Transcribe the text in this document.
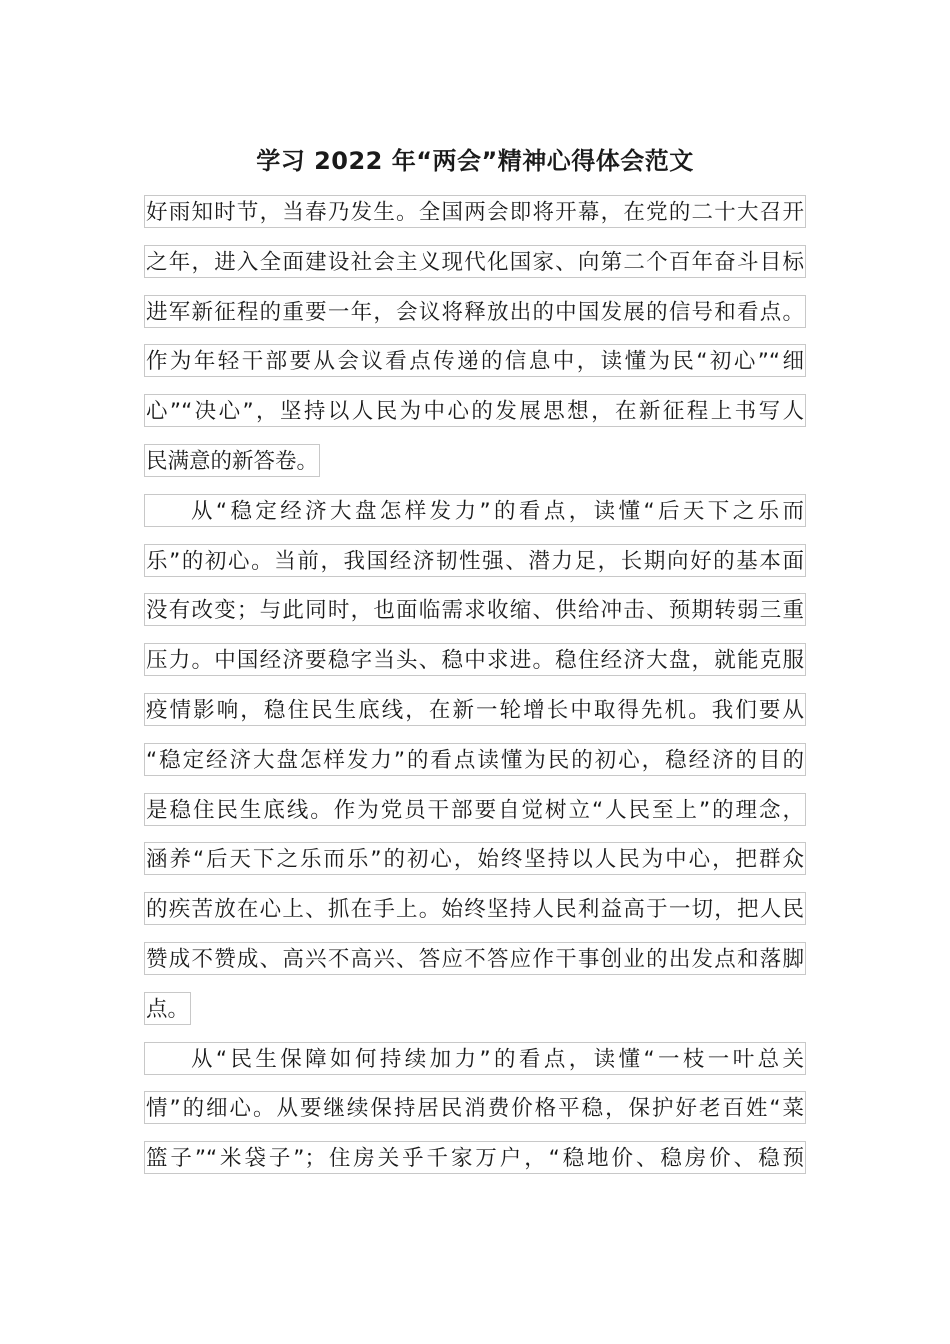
学习 2022 年“两会”精神心得体会范文
好雨知时节，当春乃发生。全国两会即将开幕，在党的二十大召开
之年，进入全面建设社会主义现代化国家、向第二个百年奋斗目标
进军新征程的重要一年，会议将释放出的中国发展的信号和看点。
作为年轻干部要从会议看点传递的信息中，读懂为民“初心”“细
心”“决心”，坚持以人民为中心的发展思想，在新征程上书写人
民满意的新答卷。
从“稳定经济大盘怎样发力”的看点，读懂“后天下之乐而
乐”的初心。当前，我国经济韧性强、潜力足，长期向好的基本面
没有改变；与此同时，也面临需求收缩、供给冲击、预期转弱三重
压力。中国经济要稳字当头、稳中求进。稳住经济大盘，就能克服
疫情影响，稳住民生底线，在新一轮增长中取得先机。我们要从
“稳定经济大盘怎样发力”的看点读懂为民的初心，稳经济的目的
是稳住民生底线。作为党员干部要自觉树立“人民至上”的理念，
涵养“后天下之乐而乐”的初心，始终坚持以人民为中心，把群众
的疾苦放在心上、抓在手上。始终坚持人民利益高于一切，把人民
赞成不赞成、高兴不高兴、答应不答应作干事创业的出发点和落脚
点。
从“民生保障如何持续加力”的看点，读懂“一枝一叶总关
情”的细心。从要继续保持居民消费价格平稳，保护好老百姓“菜
篮子”“米袋子”；住房关乎千家万户，“稳地价、稳房价、稳预
